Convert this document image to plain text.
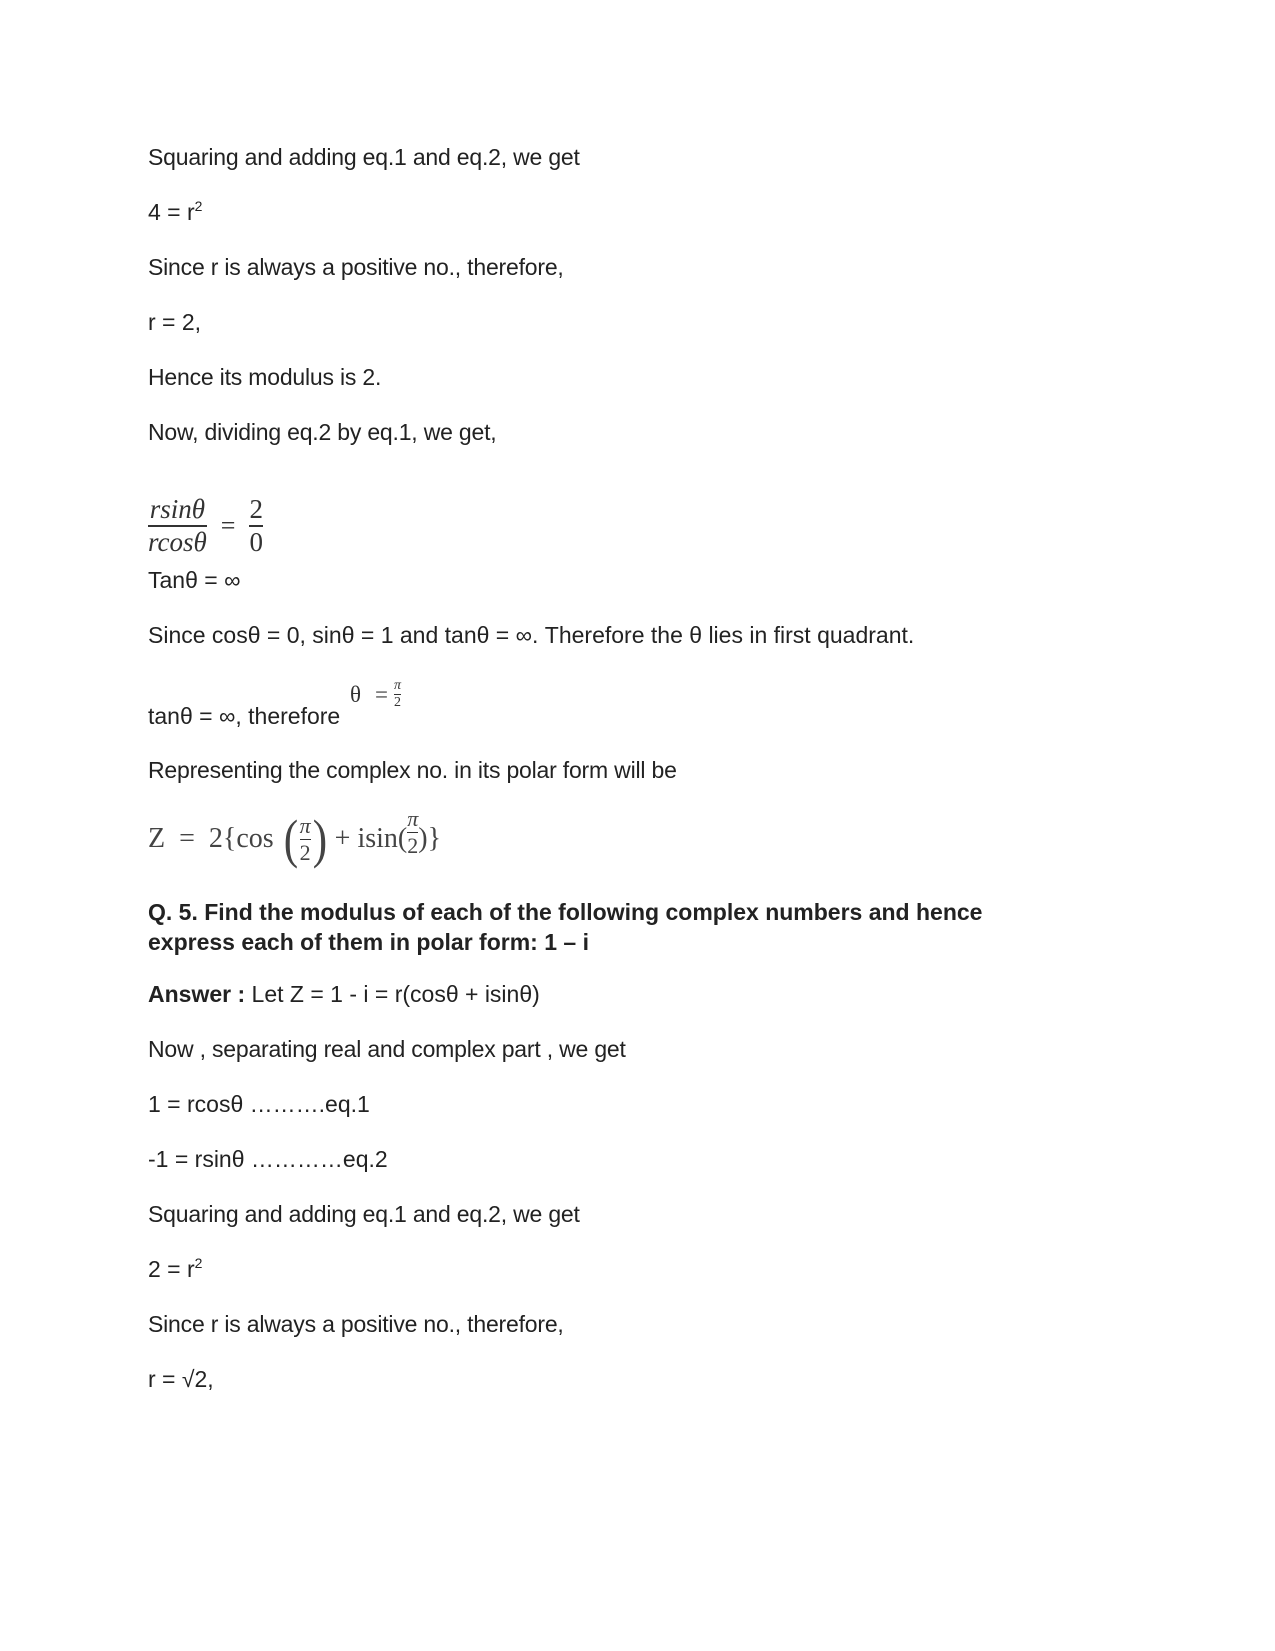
Squaring and adding eq.1 and eq.2, we get
$4 = r^2$
Since r is always a positive no., therefore,
r = 2,
Hence its modulus is 2.
Now, dividing eq.2 by eq.1, we get,
$\frac{rsin\theta}{rcos\theta} = \frac{2}{0}$
Tanθ = ∞
Since cosθ = 0, sinθ = 1 and tanθ = ∞. Therefore the θ lies in first quadrant.
tanθ = ∞, therefore
$\theta = \frac{\pi}{2}$
Representing the complex no. in its polar form will be
Z = 2{cos ( $\frac{\pi}{2}$ ) + $isin( \frac{\pi}{2}$ )}
Q. 5. Find the modulus of each of the following complex numbers and hence express each of them in polar form: 1 – i
Answer : Let Z = 1 - i = r(cosθ + isinθ)
Now , separating real and complex part , we get
1 = rcosθ ……….eq.1
-1 = rsinθ …………eq.2
Squaring and adding eq.1 and eq.2, we get
$2 = r^2$
Since r is always a positive no., therefore,
r = √2,
